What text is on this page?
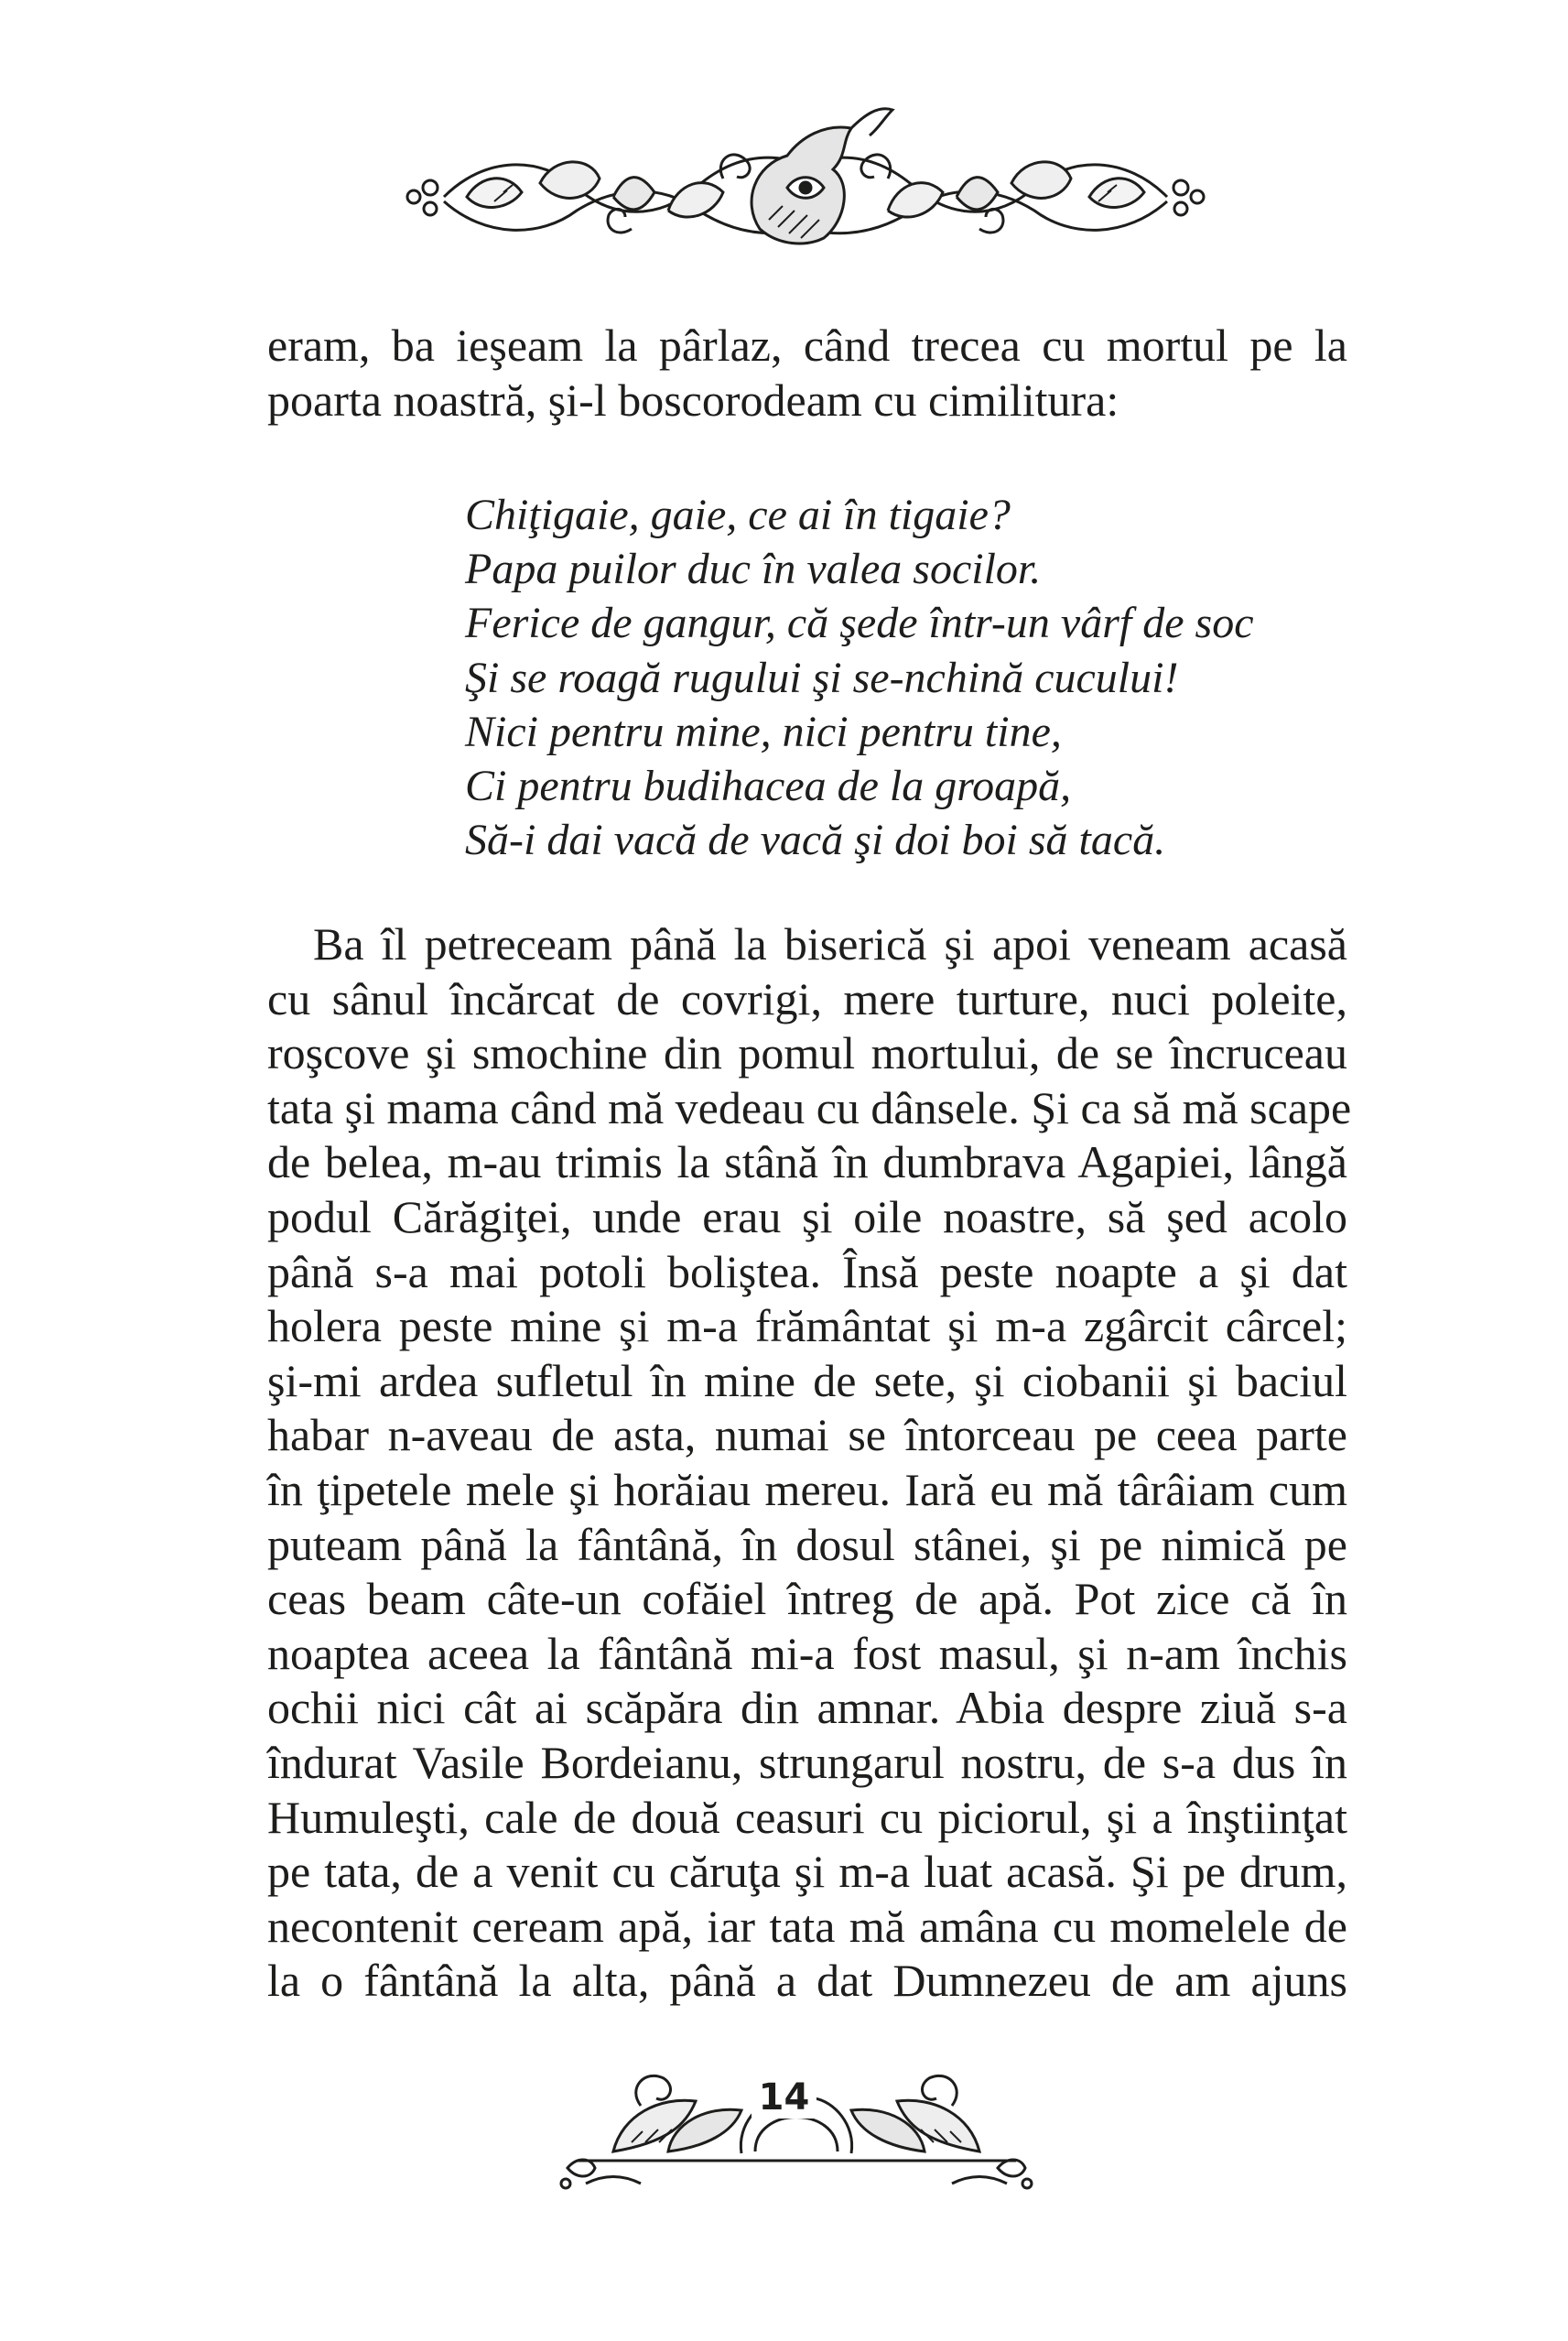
eram, ba ieşeam la pârlaz, când trecea cu mortul pe la
poarta noastră, şi-l boscorodeam cu cimilitura:
Chiţigaie, gaie, ce ai în tigaie?
Papa puilor duc în valea socilor.
Ferice de gangur, că şede într-un vârf de soc
Şi se roagă rugului şi se-nchină cucului!
Nici pentru mine, nici pentru tine,
Ci pentru budihacea de la groapă,
Să-i dai vacă de vacă şi doi boi să tacă.
Ba îl petreceam până la biserică şi apoi veneam acasă
cu sânul încărcat de covrigi, mere turture, nuci poleite,
roşcove şi smochine din pomul mortului, de se încruceau
tata şi mama când mă vedeau cu dânsele. Şi ca să mă scape
de belea, m-au trimis la stână în dumbrava Agapiei, lângă
podul Cărăgiţei, unde erau şi oile noastre, să şed acolo
până s-a mai potoli boliştea. Însă peste noapte a şi dat
holera peste mine şi m-a frământat şi m-a zgârcit cârcel;
şi-mi ardea sufletul în mine de sete, şi ciobanii şi baciul
habar n-aveau de asta, numai se întorceau pe ceea parte
în ţipetele mele şi horăiau mereu. Iară eu mă târâiam cum
puteam până la fântână, în dosul stânei, şi pe nimică pe
ceas beam câte-un cofăiel întreg de apă. Pot zice că în
noaptea aceea la fântână mi-a fost masul, şi n-am închis
ochii nici cât ai scăpăra din amnar. Abia despre ziuă s-a
îndurat Vasile Bordeianu, strungarul nostru, de s-a dus în
Humuleşti, cale de două ceasuri cu piciorul, şi a înştiinţat
pe tata, de a venit cu căruţa şi m-a luat acasă. Şi pe drum,
necontenit ceream apă, iar tata mă amâna cu momelele de
la o fântână la alta, până a dat Dumnezeu de am ajuns
14
